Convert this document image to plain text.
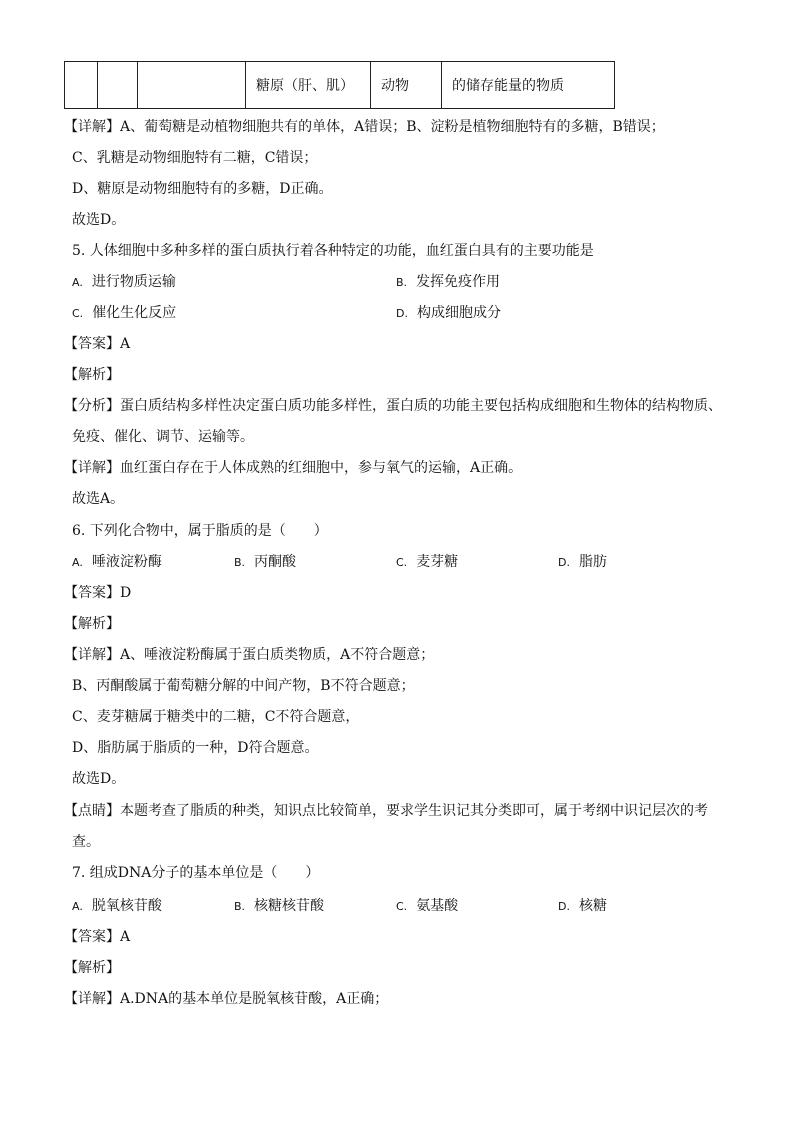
			糖原（肝、肌）	动物	的储存能量的物质
【详解】A、葡萄糖是动植物细胞共有的单体，A错误；B、淀粉是植物细胞特有的多糖，B错误；
C、乳糖是动物细胞特有二糖，C错误；
D、糖原是动物细胞特有的多糖，D正确。
故选D。
5. 人体细胞中多种多样的蛋白质执行着各种特定的功能，血红蛋白具有的主要功能是
A. 进行物质运输	B. 发挥免疫作用
C. 催化生化反应	D. 构成细胞成分
【答案】A
【解析】
【分析】蛋白质结构多样性决定蛋白质功能多样性，蛋白质的功能主要包括构成细胞和生物体的结构物质、
免疫、催化、调节、运输等。
【详解】血红蛋白存在于人体成熟的红细胞中，参与氧气的运输，A正确。
故选A。
6. 下列化合物中，属于脂质的是（　　）
A. 唾液淀粉酶	B. 丙酮酸	C. 麦芽糖	D. 脂肪
【答案】D
【解析】
【详解】A、唾液淀粉酶属于蛋白质类物质，A不符合题意；
B、丙酮酸属于葡萄糖分解的中间产物，B不符合题意；
C、麦芽糖属于糖类中的二糖，C不符合题意，
D、脂肪属于脂质的一种，D符合题意。
故选D。
【点睛】本题考查了脂质的种类，知识点比较简单，要求学生识记其分类即可，属于考纲中识记层次的考
查。
7. 组成DNA分子的基本单位是（　　）
A. 脱氧核苷酸	B. 核糖核苷酸	C. 氨基酸	D. 核糖
【答案】A
【解析】
【详解】A.DNA的基本单位是脱氧核苷酸，A正确；
